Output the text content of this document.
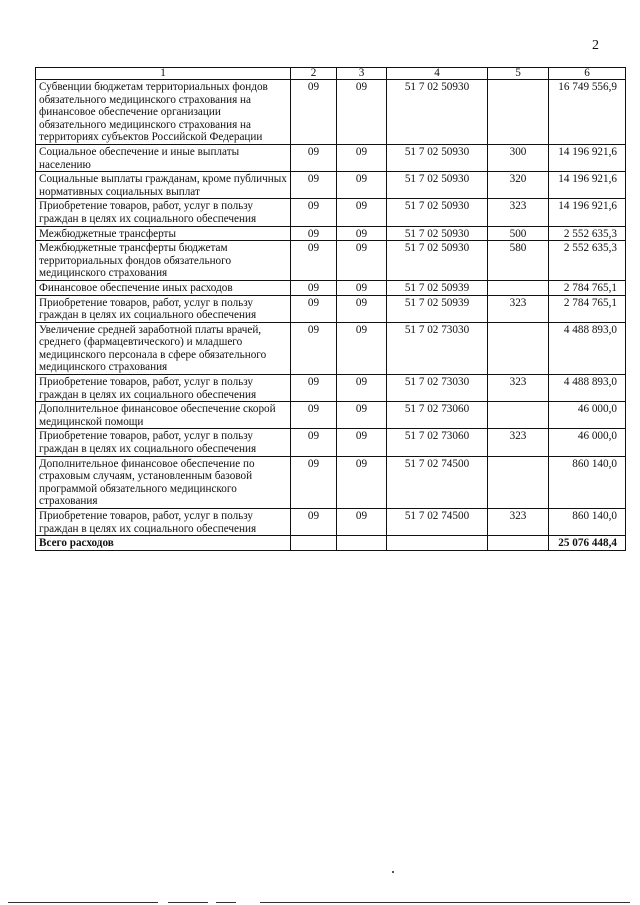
2
1	2	3	4	5	6
Субвенции бюджетам территориальных фондов обязательного медицинского страхования на финансовое обеспечение организации обязательного медицинского страхования на территориях субъектов Российской Федерации	09	09	51 7 02 50930		16 749 556,9
Социальное обеспечение и иные выплаты населению	09	09	51 7 02 50930	300	14 196 921,6
Социальные выплаты гражданам, кроме публичных нормативных социальных выплат	09	09	51 7 02 50930	320	14 196 921,6
Приобретение товаров, работ, услуг в пользу граждан в целях их социального обеспечения	09	09	51 7 02 50930	323	14 196 921,6
Межбюджетные трансферты	09	09	51 7 02 50930	500	2 552 635,3
Межбюджетные трансферты бюджетам территориальных фондов обязательного медицинского страхования	09	09	51 7 02 50930	580	2 552 635,3
Финансовое обеспечение иных расходов	09	09	51 7 02 50939		2 784 765,1
Приобретение товаров, работ, услуг в пользу граждан в целях их социального обеспечения	09	09	51 7 02 50939	323	2 784 765,1
Увеличение средней заработной платы врачей, среднего (фармацевтического) и младшего медицинского персонала в сфере обязательного медицинского страхования	09	09	51 7 02 73030		4 488 893,0
Приобретение товаров, работ, услуг в пользу граждан в целях их социального обеспечения	09	09	51 7 02 73030	323	4 488 893,0
Дополнительное финансовое обеспечение скорой медицинской помощи	09	09	51 7 02 73060		46 000,0
Приобретение товаров, работ, услуг в пользу граждан в целях их социального обеспечения	09	09	51 7 02 73060	323	46 000,0
Дополнительное финансовое обеспечение по страховым случаям, установленным базовой программой обязательного медицинского страхования	09	09	51 7 02 74500		860 140,0
Приобретение товаров, работ, услуг в пользу граждан в целях их социального обеспечения	09	09	51 7 02 74500	323	860 140,0
Всего расходов					25 076 448,4
